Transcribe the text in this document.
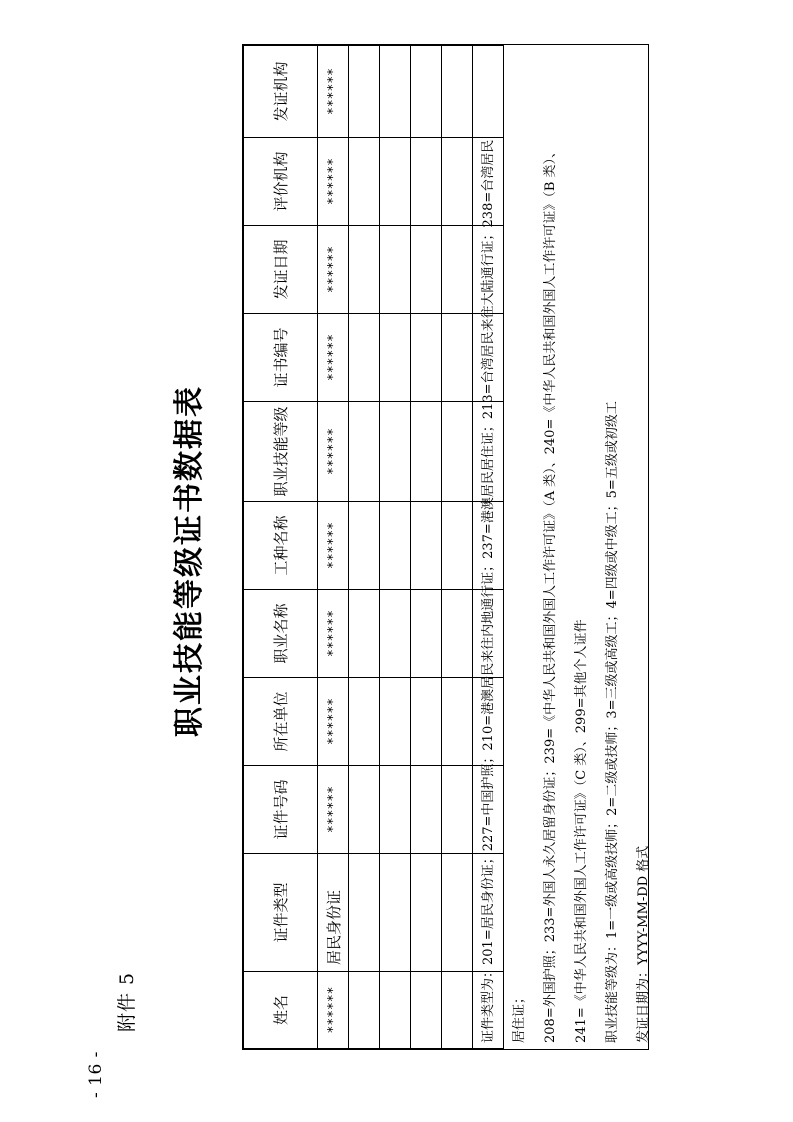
- 16 -
附件 5
职业技能等级证书数据表
姓名	证件类型	证件号码	所在单位	职业名称	工种名称	职业技能等级	证书编号	发证日期	评价机构	发证机构
******	居民身份证	******	******	******	******	******	******	******	******	******

证件类型为：201=居民身份证；227=中国护照；210=港澳居民来往内地通行证；237=港澳居民居住证；213=台湾居民来往大陆通行证；238=台湾居民	居住证；	208=外国护照；233=外国人永久居留身份证；239=《中华人民共和国外国人工作许可证》（A 类）、240=《中华人民共和国外国人工作许可证》（B 类）、	241=《中华人民共和国外国人工作许可证》（C 类）、299=其他个人证件	职业技能等级为：1=一级或高级技师；2=二级或技师；3=三级或高级工；4=四级或中级工；5=五级或初级工	发证日期为：YYYY-MM-DD 格式
